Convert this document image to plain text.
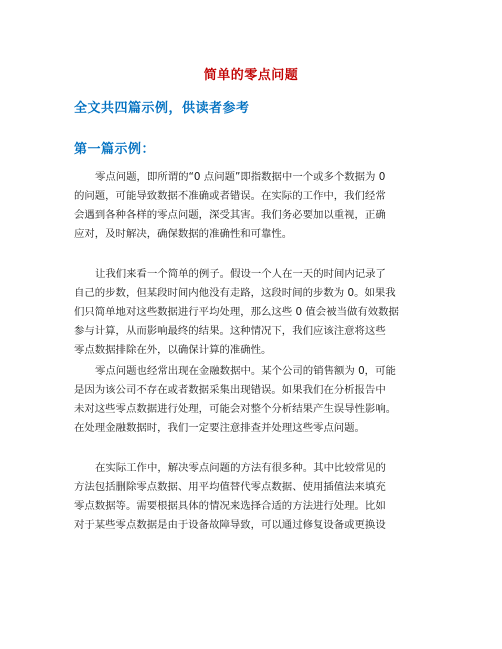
简单的零点问题
全文共四篇示例，供读者参考
第一篇示例：
零点问题，即所谓的“0 点问题”即指数据中一个或多个数据为 0
的问题，可能导致数据不准确或者错误。在实际的工作中，我们经常
会遇到各种各样的零点问题，深受其害。我们务必要加以重视，正确
应对，及时解决，确保数据的准确性和可靠性。
让我们来看一个简单的例子。假设一个人在一天的时间内记录了
自己的步数，但某段时间内他没有走路，这段时间的步数为 0。如果我
们只简单地对这些数据进行平均处理，那么这些 0 值会被当做有效数据
参与计算，从而影响最终的结果。这种情况下，我们应该注意将这些
零点数据排除在外，以确保计算的准确性。
零点问题也经常出现在金融数据中。某个公司的销售额为 0，可能
是因为该公司不存在或者数据采集出现错误。如果我们在分析报告中
未对这些零点数据进行处理，可能会对整个分析结果产生误导性影响。
在处理金融数据时，我们一定要注意排查并处理这些零点问题。
在实际工作中，解决零点问题的方法有很多种。其中比较常见的
方法包括删除零点数据、用平均值替代零点数据、使用插值法来填充
零点数据等。需要根据具体的情况来选择合适的方法进行处理。比如
对于某些零点数据是由于设备故障导致，可以通过修复设备或更换设
